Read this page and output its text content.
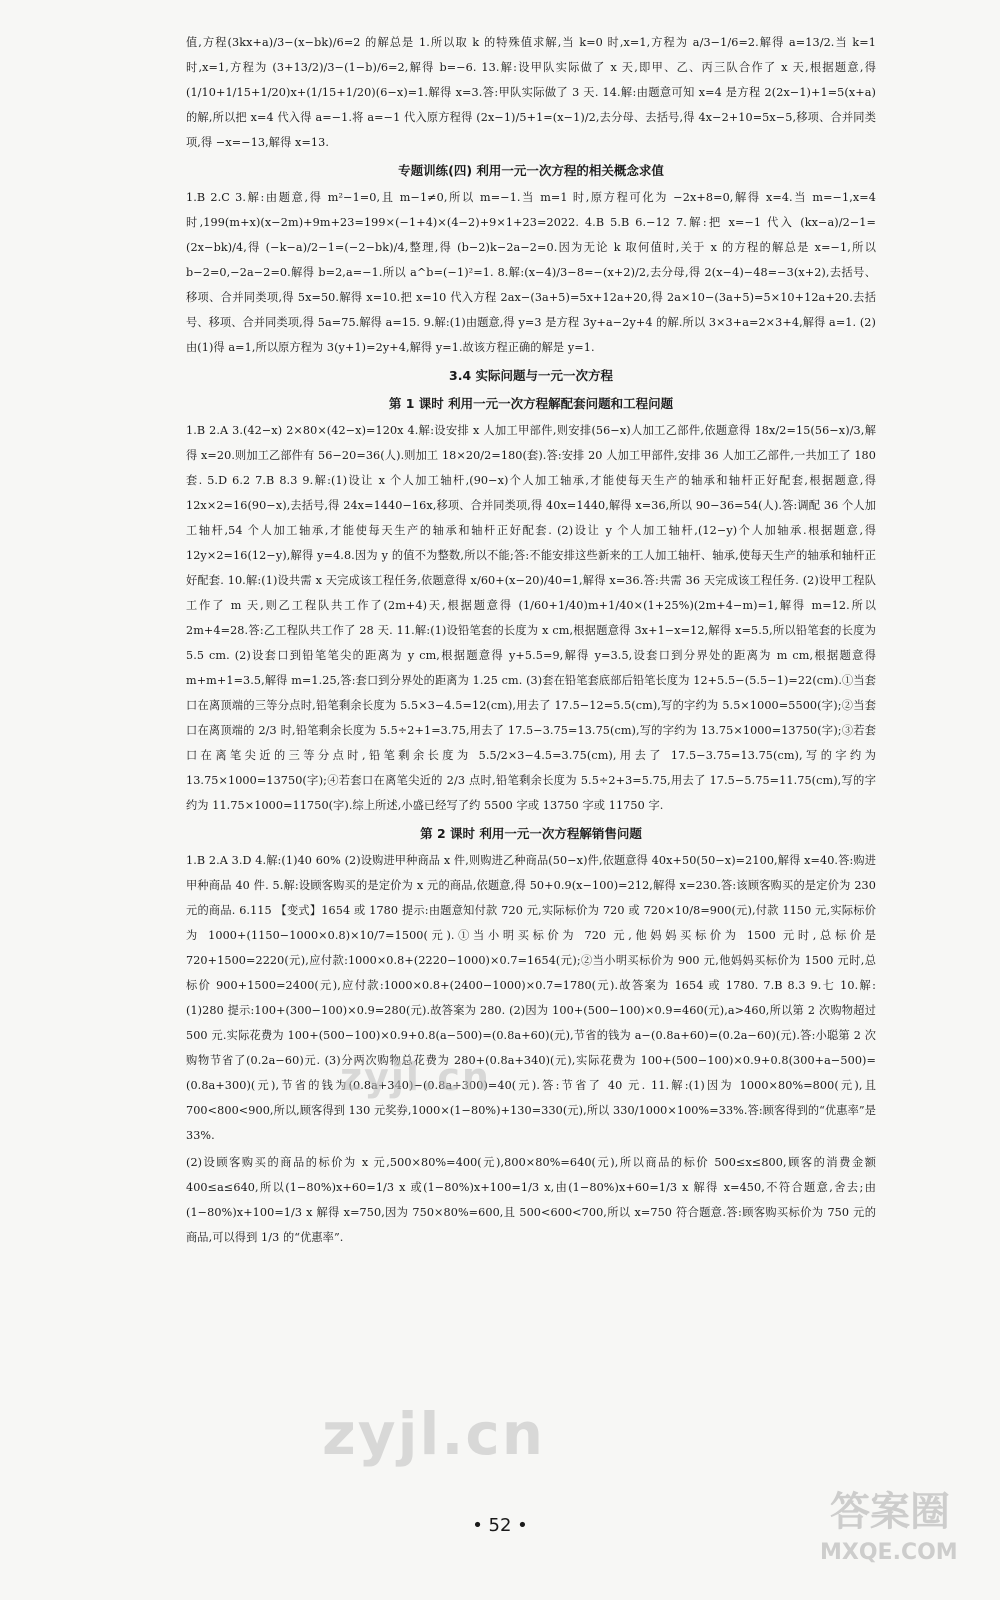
值,方程(3kx+a)/3−(x−bk)/6=2 的解总是 1.所以取 k 的特殊值求解,当 k=0 时,x=1,方程为 a/3−1/6=2.解得 a=13/2.当 k=1 时,x=1,方程为 (3+13/2)/3−(1−b)/6=2,解得 b=−6. 13.解:设甲队实际做了 x 天,即甲、乙、丙三队合作了 x 天,根据题意,得 (1/10+1/15+1/20)x+(1/15+1/20)(6−x)=1.解得 x=3.答:甲队实际做了 3 天. 14.解:由题意可知 x=4 是方程 2(2x−1)+1=5(x+a)的解,所以把 x=4 代入得 a=−1.将 a=−1 代入原方程得 (2x−1)/5+1=(x−1)/2,去分母、去括号,得 4x−2+10=5x−5,移项、合并同类项,得 −x=−13,解得 x=13.

专题训练(四) 利用一元一次方程的相关概念求值

1.B 2.C 3.解:由题意,得 m²−1=0,且 m−1≠0,所以 m=−1.当 m=1 时,原方程可化为 −2x+8=0,解得 x=4.当 m=−1,x=4 时,199(m+x)(x−2m)+9m+23=199×(−1+4)×(4−2)+9×1+23=2022. 4.B 5.B 6.−12 7.解:把 x=−1 代入 (kx−a)/2−1=(2x−bk)/4,得 (−k−a)/2−1=(−2−bk)/4,整理,得 (b−2)k−2a−2=0.因为无论 k 取何值时,关于 x 的方程的解总是 x=−1,所以 b−2=0,−2a−2=0.解得 b=2,a=−1.所以 a^b=(−1)²=1. 8.解:(x−4)/3−8=−(x+2)/2,去分母,得 2(x−4)−48=−3(x+2),去括号、移项、合并同类项,得 5x=50.解得 x=10.把 x=10 代入方程 2ax−(3a+5)=5x+12a+20,得 2a×10−(3a+5)=5×10+12a+20.去括号、移项、合并同类项,得 5a=75.解得 a=15. 9.解:(1)由题意,得 y=3 是方程 3y+a−2y+4 的解.所以 3×3+a=2×3+4,解得 a=1. (2)由(1)得 a=1,所以原方程为 3(y+1)=2y+4,解得 y=1.故该方程正确的解是 y=1.

3.4 实际问题与一元一次方程
第 1 课时 利用一元一次方程解配套问题和工程问题

1.B 2.A 3.(42−x) 2×80×(42−x)=120x 4.解:设安排 x 人加工甲部件,则安排(56−x)人加工乙部件,依题意得 18x/2=15(56−x)/3,解得 x=20.则加工乙部件有 56−20=36(人).则加工 18×20/2=180(套).答:安排 20 人加工甲部件,安排 36 人加工乙部件,一共加工了 180 套. 5.D 6.2 7.B 8.3 9.解:(1)设让 x 个人加工轴杆,(90−x)个人加工轴承,才能使每天生产的轴承和轴杆正好配套,根据题意,得 12x×2=16(90−x),去括号,得 24x=1440−16x,移项、合并同类项,得 40x=1440,解得 x=36,所以 90−36=54(人).答:调配 36 个人加工轴杆,54 个人加工轴承,才能使每天生产的轴承和轴杆正好配套. (2)设让 y 个人加工轴杆,(12−y)个人加轴承.根据题意,得 12y×2=16(12−y),解得 y=4.8.因为 y 的值不为整数,所以不能;答:不能安排这些新来的工人加工轴杆、轴承,使每天生产的轴承和轴杆正好配套. 10.解:(1)设共需 x 天完成该工程任务,依题意得 x/60+(x−20)/40=1,解得 x=36.答:共需 36 天完成该工程任务. (2)设甲工程队工作了 m 天,则乙工程队共工作了(2m+4)天,根据题意得 (1/60+1/40)m+1/40×(1+25%)(2m+4−m)=1,解得 m=12.所以 2m+4=28.答:乙工程队共工作了 28 天. 11.解:(1)设铅笔套的长度为 x cm,根据题意得 3x+1−x=12,解得 x=5.5,所以铅笔套的长度为 5.5 cm. (2)设套口到铅笔笔尖的距离为 y cm,根据题意得 y+5.5=9,解得 y=3.5,设套口到分界处的距离为 m cm,根据题意得 m+m+1=3.5,解得 m=1.25,答:套口到分界处的距离为 1.25 cm. (3)套在铅笔套底部后铅笔长度为 12+5.5−(5.5−1)=22(cm).①当套口在离顶端的三等分点时,铅笔剩余长度为 5.5×3−4.5=12(cm),用去了 17.5−12=5.5(cm),写的字约为 5.5×1000=5500(字);②当套口在离顶端的 2/3 时,铅笔剩余长度为 5.5÷2+1=3.75,用去了 17.5−3.75=13.75(cm),写的字约为 13.75×1000=13750(字);③若套口在离笔尖近的三等分点时,铅笔剩余长度为 5.5/2×3−4.5=3.75(cm),用去了 17.5−3.75=13.75(cm),写的字约为 13.75×1000=13750(字);④若套口在离笔尖近的 2/3 点时,铅笔剩余长度为 5.5÷2+3=5.75,用去了 17.5−5.75=11.75(cm),写的字约为 11.75×1000=11750(字).综上所述,小盛已经写了约 5500 字或 13750 字或 11750 字.

第 2 课时 利用一元一次方程解销售问题

1.B 2.A 3.D 4.解:(1)40 60% (2)设购进甲种商品 x 件,则购进乙种商品(50−x)件,依题意得 40x+50(50−x)=2100,解得 x=40.答:购进甲种商品 40 件. 5.解:设顾客购买的是定价为 x 元的商品,依题意,得 50+0.9(x−100)=212,解得 x=230.答:该顾客购买的是定价为 230 元的商品. 6.115 【变式】1654 或 1780 提示:由题意知付款 720 元,实际标价为 720 或 720×10/8=900(元),付款 1150 元,实际标价为 1000+(1150−1000×0.8)×10/7=1500(元).①当小明买标价为 720 元,他妈妈买标价为 1500 元时,总标价是 720+1500=2220(元),应付款:1000×0.8+(2220−1000)×0.7=1654(元);②当小明买标价为 900 元,他妈妈买标价为 1500 元时,总标价 900+1500=2400(元),应付款:1000×0.8+(2400−1000)×0.7=1780(元).故答案为 1654 或 1780. 7.B 8.3 9.七 10.解:(1)280 提示:100+(300−100)×0.9=280(元).故答案为 280. (2)因为 100+(500−100)×0.9=460(元),a>460,所以第 2 次购物超过 500 元.实际花费为 100+(500−100)×0.9+0.8(a−500)=(0.8a+60)(元),节省的钱为 a−(0.8a+60)=(0.2a−60)(元).答:小聪第 2 次购物节省了(0.2a−60)元. (3)分两次购物总花费为 280+(0.8a+340)(元),实际花费为 100+(500−100)×0.9+0.8(300+a−500)=(0.8a+300)(元),节省的钱为(0.8a+340)−(0.8a+300)=40(元).答:节省了 40 元. 11.解:(1)因为 1000×80%=800(元),且 700<800<900,所以,顾客得到 130 元奖券,1000×(1−80%)+130=330(元),所以 330/1000×100%=33%.答:顾客得到的“优惠率”是 33%.

(2)设顾客购买的商品的标价为 x 元,500×80%=400(元),800×80%=640(元),所以商品的标价 500≤x≤800,顾客的消费金额 400≤a≤640,所以(1−80%)x+60=1/3 x 或(1−80%)x+100=1/3 x,由(1−80%)x+60=1/3 x 解得 x=450,不符合题意,舍去;由(1−80%)x+100=1/3 x 解得 x=750,因为 750×80%=600,且 500<600<700,所以 x=750 符合题意.答:顾客购买标价为 750 元的商品,可以得到 1/3 的“优惠率”.

zyjl.cn
zyjl.cn
答案圈
MXQE.COM
• 52 •
